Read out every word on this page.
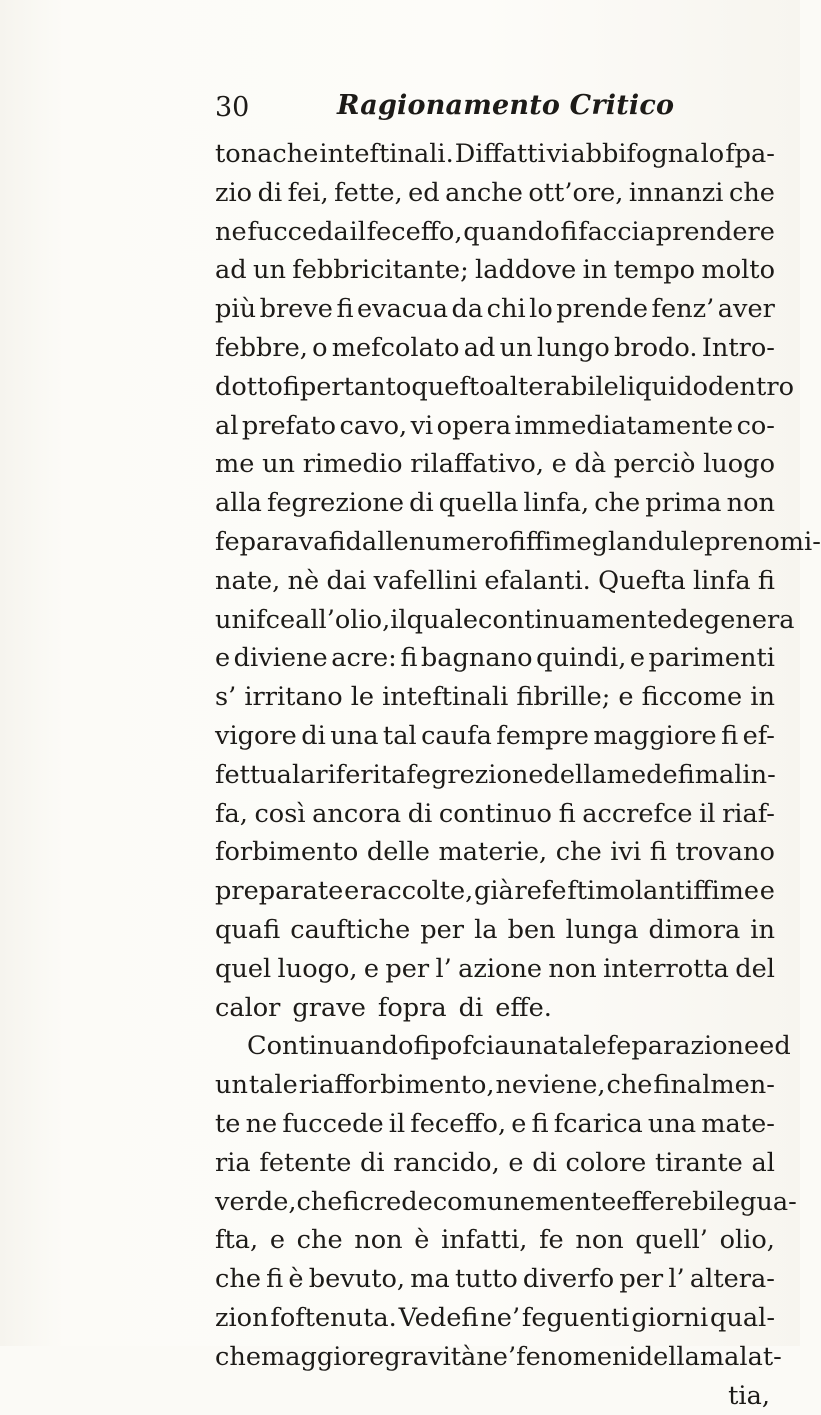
30	Ragionamento Critico
tonache inteftinali. Diffatti vi abbifogna lo fpa-
zio di fei, fette, ed anche ott’ore, innanzi che
ne fucceda il feceffo, quando fi faccia prendere
ad un febbricitante; laddove in tempo molto
più breve fi evacua da chi lo prende fenz’ aver
febbre, o mefcolato ad un lungo brodo. Intro-
dottofi pertanto quefto alterabile liquido dentro
al prefato cavo, vi opera immediatamente co-
me un rimedio rilaffativo, e dà perciò luogo
alla fegrezione di quella linfa, che prima non
feparavafi dalle numerofiffime glandule prenomi-
nate, nè dai vafellini efalanti. Quefta linfa fi
unifce all’olio, il quale continuamente degenera
e diviene acre: fi bagnano quindi, e parimenti
s’ irritano le inteftinali fibrille; e ficcome in
vigore di una tal caufa fempre maggiore fi ef-
fettua la riferita fegrezione della medefima lin-
fa, così ancora di continuo fi accrefce il riaf-
forbimento delle materie, che ivi fi trovano
preparate e raccolte, già refe ftimolantiffime e
quafi cauftiche per la ben lunga dimora in
quel luogo, e per l’ azione non interrotta del
calor grave fopra di effe.
Continuandofi pofcia una tale feparazione ed
un tale riafforbimento, ne viene, che finalmen-
te ne fuccede il feceffo, e fi fcarica una mate-
ria fetente di rancido, e di colore tirante al
verde, che fi crede comunemente effere bile gua-
fta, e che non è infatti, fe non quell’ olio,
che fi è bevuto, ma tutto diverfo per l’ altera-
zion foftenuta. Vedefi ne’ feguenti giorni qual-
che maggiore gravità ne’ fenomeni della malat-
tia,
